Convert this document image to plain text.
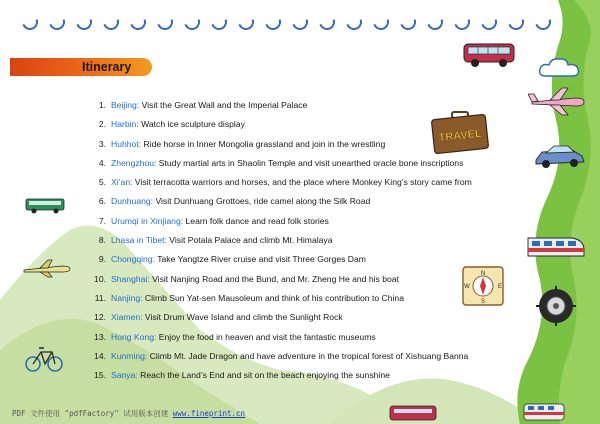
Itinerary
TRAVEL
N
S
E
W
1. Beijing: Visit the Great Wall and the Imperial Palace
2. Harbin: Watch ice sculpture display
3. Huhhot: Ride horse in Inner Mongolia grassland and join in the wrestling
4. Zhengzhou: Study martial arts in Shaolin Temple and visit unearthed oracle bone inscriptions
5. Xi’an: Visit terracotta warriors and horses, and the place where Monkey King’s story came from
6. Dunhuang: Visit Dunhuang Grottoes, ride camel along the Silk Road
7. Urumqi in Xinjiang: Learn folk dance and read folk stories
8. Lhasa in Tibet: Visit Potala Palace and climb Mt. Himalaya
9. Chongqing: Take Yangtze River cruise and visit Three Gorges Dam
10. Shanghai: Visit Nanjing Road and the Bund, and Mr. Zheng He and his boat
11. Nanjing: Climb Sun Yat-sen Mausoleum and think of his contribution to China
12. Xiamen: Visit Drum Wave Island and climb the Sunlight Rock
13. Hong Kong: Enjoy the food in heaven and visit the fantastic museums
14. Kunming: Climb Mt. Jade Dragon and have adventure in the tropical forest of Xishuang Banna
15. Sanya: Reach the Land’s End and sit on the beach enjoying the sunshine
PDF 文件使用 "pdfFactory" 试用版本创建 www.fineprint.cn
